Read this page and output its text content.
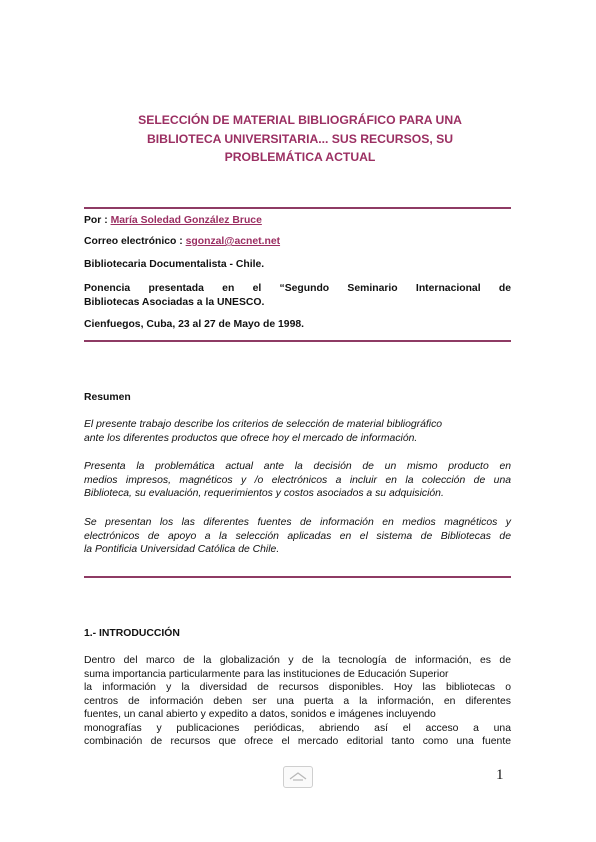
SELECCIÓN DE MATERIAL BIBLIOGRÁFICO PARA UNA
BIBLIOTECA UNIVERSITARIA... SUS RECURSOS, SU
PROBLEMÁTICA ACTUAL
Por : María Soledad González Bruce
Correo electrónico : sgonzal@acnet.net
Bibliotecaria Documentalista - Chile.
Ponencia presentada en el “Segundo Seminario Internacional de
Bibliotecas Asociadas a la UNESCO.
Cienfuegos, Cuba, 23 al 27 de Mayo de 1998.
Resumen
El presente trabajo describe los criterios de selección de material bibliográfico
ante los diferentes productos que ofrece hoy el mercado de información.
Presenta la problemática actual ante la decisión de un mismo producto en
medios impresos, magnéticos y /o electrónicos a incluir en la colección de una
Biblioteca, su evaluación, requerimientos y costos asociados a su adquisición.
Se presentan los las diferentes fuentes de información en medios magnéticos y
electrónicos de apoyo a la selección aplicadas en el sistema de Bibliotecas de
la Pontificia Universidad Católica de Chile.
1.- INTRODUCCIÓN
Dentro del marco de la globalización y de la tecnología de información, es de
suma importancia particularmente para las instituciones de Educación Superior
la información y la diversidad de recursos disponibles. Hoy las bibliotecas o
centros de información deben ser una puerta a la información, en diferentes
fuentes, un canal abierto y expedito a datos, sonidos e imágenes incluyendo
monografías y publicaciones periódicas, abriendo así el acceso a una
combinación de recursos que ofrece el mercado editorial tanto como una fuente
1
